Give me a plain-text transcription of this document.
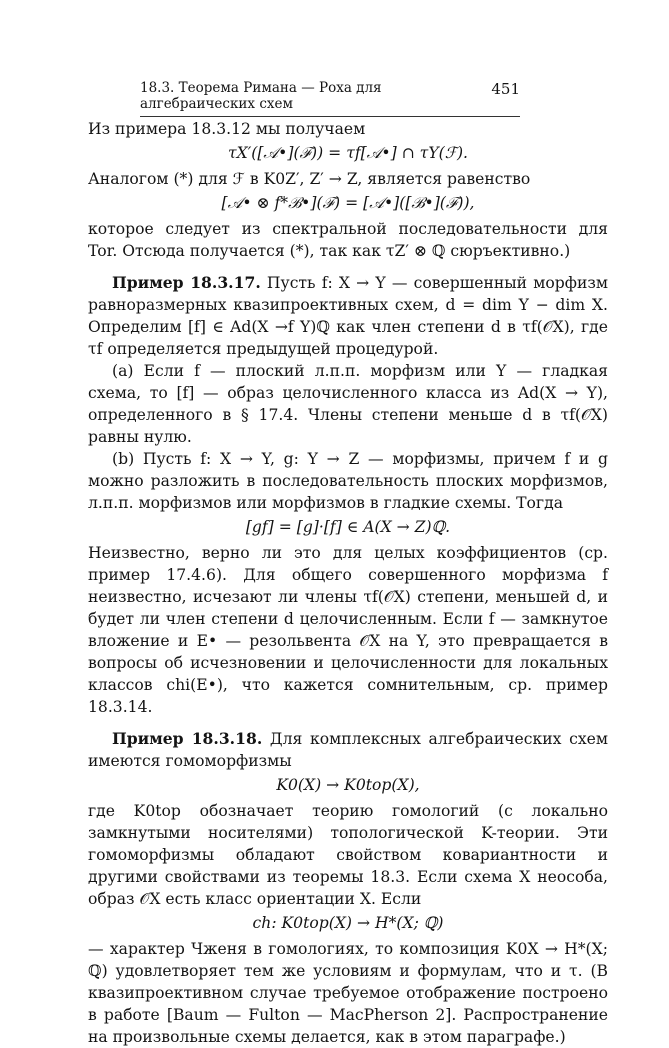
18.3. Теорема Римана — Роха для алгебраических схем
451

Из примера 18.3.12 мы получаем

τX′([𝒜•](ℱ)) = τf[𝒜•] ∩ τY(ℱ).

Аналогом (*) для ℱ в K0Z′, Z′ → Z, является равенство

[𝒜• ⊗ f*ℬ•](ℱ) = [𝒜•]([ℬ•](ℱ)),

которое следует из спектральной последовательности для Tor. Отсюда получается (*), так как τZ′ ⊗ ℚ сюръективно.)

Пример 18.3.17. Пусть f: X → Y — совершенный морфизм равноразмерных квазипроективных схем, d = dim Y − dim X. Определим [f] ∈ Ad(X →f Y)ℚ как член степени d в τf(𝒪X), где τf определяется предыдущей процедурой.

(a) Если f — плоский л.п.п. морфизм или Y — гладкая схема, то [f] — образ целочисленного класса из Ad(X → Y), определенного в § 17.4. Члены степени меньше d в τf(𝒪X) равны нулю.

(b) Пусть f: X → Y, g: Y → Z — морфизмы, причем f и g можно разложить в последовательность плоских морфизмов, л.п.п. морфизмов или морфизмов в гладкие схемы. Тогда

[gf] = [g]·[f] ∈ A(X → Z)ℚ.

Неизвестно, верно ли это для целых коэффициентов (ср. пример 17.4.6). Для общего совершенного морфизма f неизвестно, исчезают ли члены τf(𝒪X) степени, меньшей d, и будет ли член степени d целочисленным. Если f — замкнутое вложение и E• — резольвента 𝒪X на Y, это превращается в вопросы об исчезновении и целочисленности для локальных классов chi(E•), что кажется сомнительным, ср. пример 18.3.14.

Пример 18.3.18. Для комплексных алгебраических схем имеются гомоморфизмы

K0(X) → K0top(X),

где K0top обозначает теорию гомологий (с локально замкнутыми носителями) топологической K-теории. Эти гомоморфизмы обладают свойством ковариантности и другими свойствами из теоремы 18.3. Если схема X неособа, образ 𝒪X есть класс ориентации X. Если

ch: K0top(X) → H*(X; ℚ)

— характер Чженя в гомологиях, то композиция K0X → H*(X; ℚ) удовлетворяет тем же условиям и формулам, что и τ. (В квазипроективном случае требуемое отображение построено в работе [Baum — Fulton — MacPherson 2]. Распространение на произвольные схемы делается, как в этом параграфе.)
